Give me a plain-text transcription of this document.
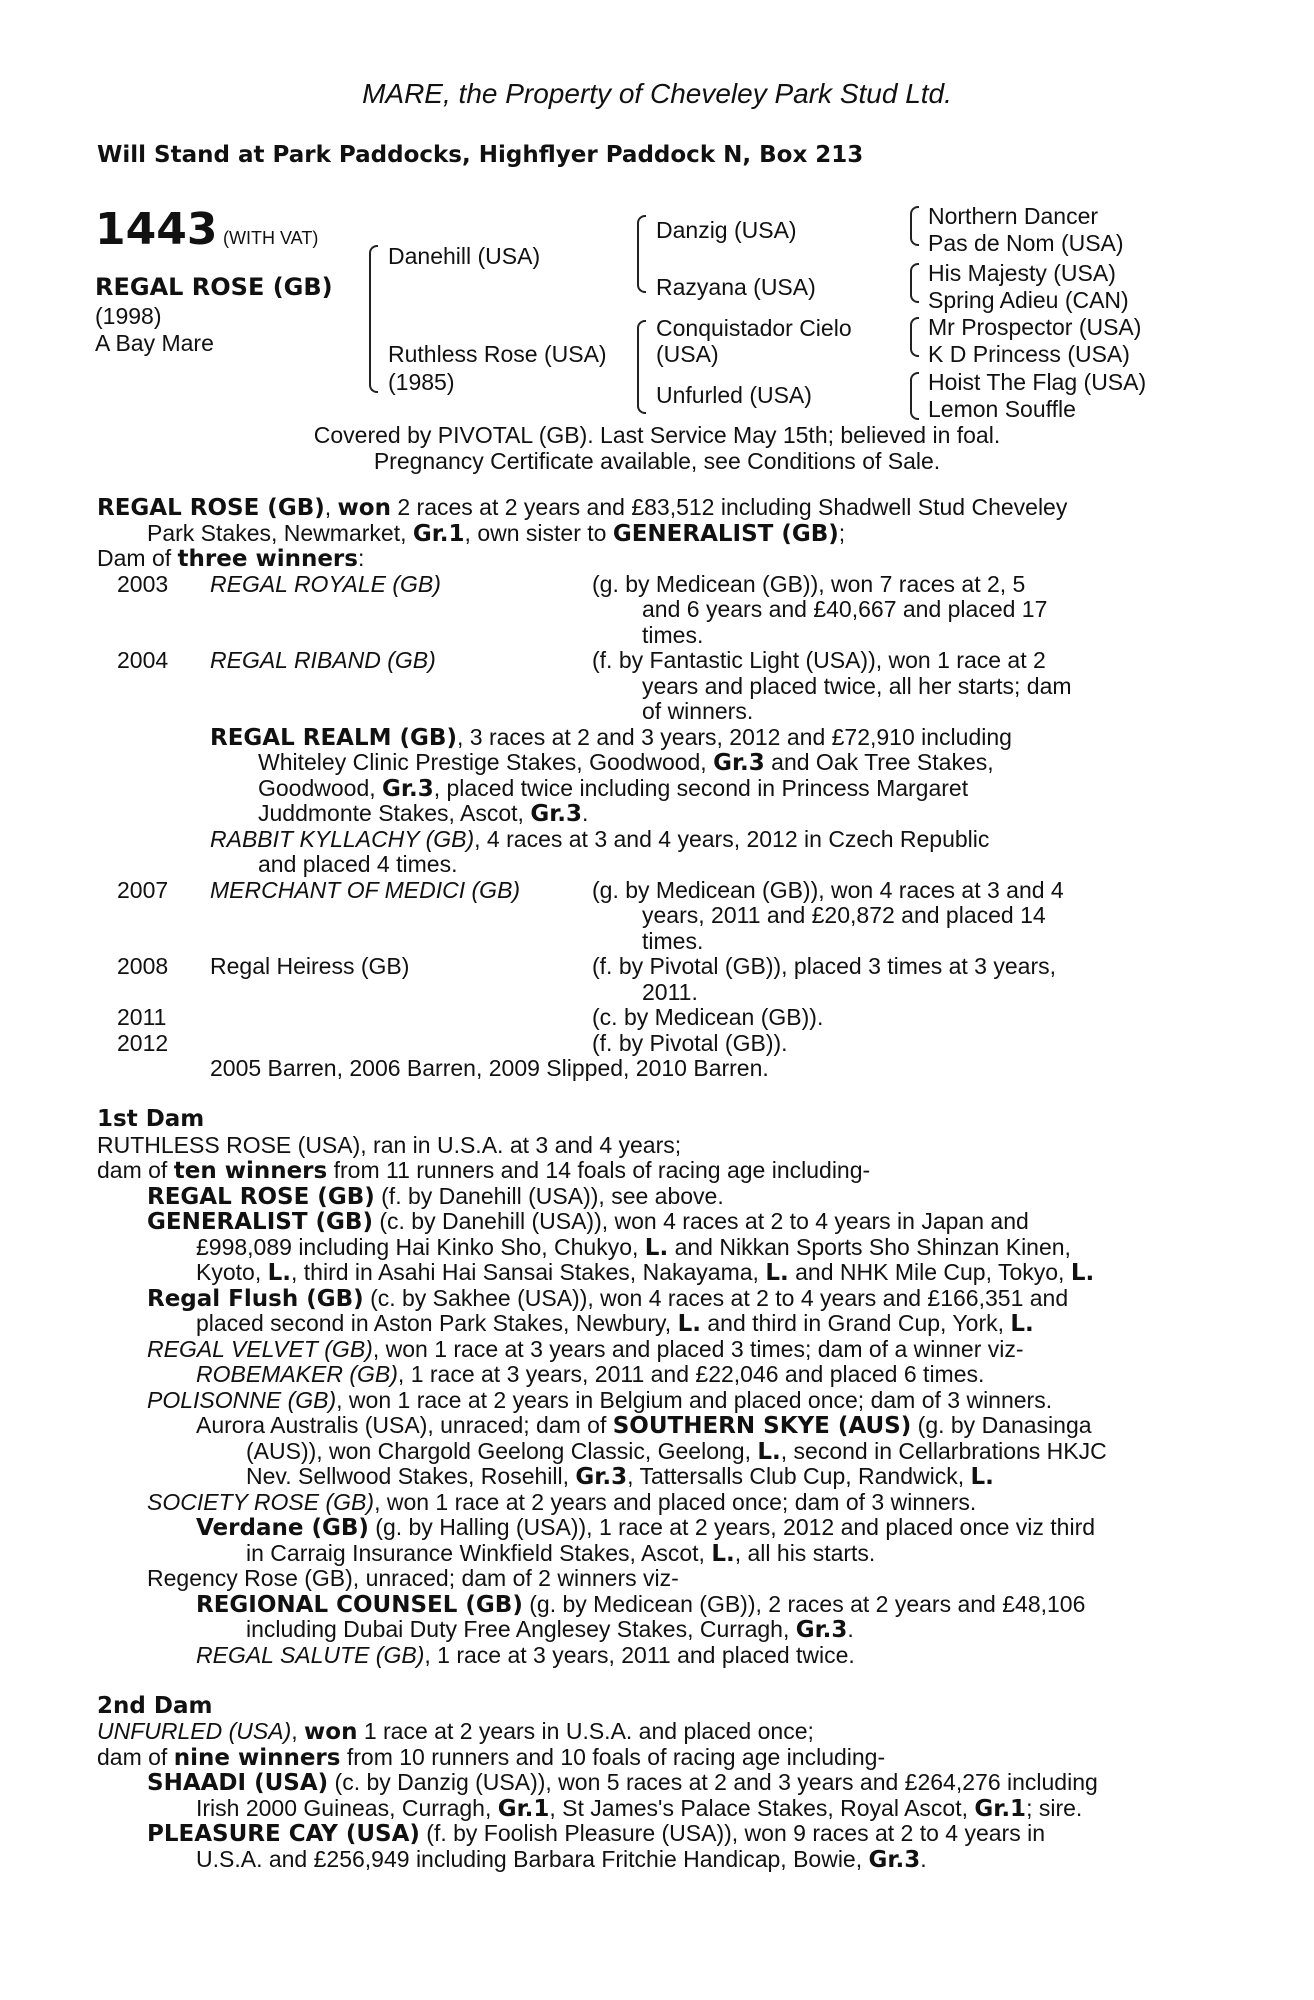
MARE, the Property of Cheveley Park Stud Ltd.
Will Stand at Park Paddocks, Highflyer Paddock N, Box 213
1443 (WITH VAT)
REGAL ROSE (GB)
(1998)
A Bay Mare
Danehill (USA)
Ruthless Rose (USA)
(1985)
Danzig (USA)
Razyana (USA)
Conquistador Cielo
(USA)
Unfurled (USA)
Northern Dancer
Pas de Nom (USA)
His Majesty (USA)
Spring Adieu (CAN)
Mr Prospector (USA)
K D Princess (USA)
Hoist The Flag (USA)
Lemon Souffle
Covered by PIVOTAL (GB). Last Service May 15th; believed in foal.
Pregnancy Certificate available, see Conditions of Sale.
REGAL ROSE (GB), won 2 races at 2 years and £83,512 including Shadwell Stud Cheveley
Park Stakes, Newmarket, Gr.1, own sister to GENERALIST (GB);
Dam of three winners:
2003 REGAL ROYALE (GB)	(g. by Medicean (GB)), won 7 races at 2, 5
and 6 years and £40,667 and placed 17
times.
2004 REGAL RIBAND (GB)	(f. by Fantastic Light (USA)), won 1 race at 2
years and placed twice, all her starts; dam
of winners.
REGAL REALM (GB), 3 races at 2 and 3 years, 2012 and £72,910 including
Whiteley Clinic Prestige Stakes, Goodwood, Gr.3 and Oak Tree Stakes,
Goodwood, Gr.3, placed twice including second in Princess Margaret
Juddmonte Stakes, Ascot, Gr.3.
RABBIT KYLLACHY (GB), 4 races at 3 and 4 years, 2012 in Czech Republic
and placed 4 times.
2007 MERCHANT OF MEDICI (GB)	(g. by Medicean (GB)), won 4 races at 3 and 4
years, 2011 and £20,872 and placed 14
times.
2008 Regal Heiress (GB)	(f. by Pivotal (GB)), placed 3 times at 3 years,
2011.
2011	(c. by Medicean (GB)).
2012	(f. by Pivotal (GB)).
2005 Barren, 2006 Barren, 2009 Slipped, 2010 Barren.
1st Dam
RUTHLESS ROSE (USA), ran in U.S.A. at 3 and 4 years;
dam of ten winners from 11 runners and 14 foals of racing age including-
REGAL ROSE (GB) (f. by Danehill (USA)), see above.
GENERALIST (GB) (c. by Danehill (USA)), won 4 races at 2 to 4 years in Japan and
£998,089 including Hai Kinko Sho, Chukyo, L. and Nikkan Sports Sho Shinzan Kinen,
Kyoto, L., third in Asahi Hai Sansai Stakes, Nakayama, L. and NHK Mile Cup, Tokyo, L.
Regal Flush (GB) (c. by Sakhee (USA)), won 4 races at 2 to 4 years and £166,351 and
placed second in Aston Park Stakes, Newbury, L. and third in Grand Cup, York, L.
REGAL VELVET (GB), won 1 race at 3 years and placed 3 times; dam of a winner viz-
ROBEMAKER (GB), 1 race at 3 years, 2011 and £22,046 and placed 6 times.
POLISONNE (GB), won 1 race at 2 years in Belgium and placed once; dam of 3 winners.
Aurora Australis (USA), unraced; dam of SOUTHERN SKYE (AUS) (g. by Danasinga
(AUS)), won Chargold Geelong Classic, Geelong, L., second in Cellarbrations HKJC
Nev. Sellwood Stakes, Rosehill, Gr.3, Tattersalls Club Cup, Randwick, L.
SOCIETY ROSE (GB), won 1 race at 2 years and placed once; dam of 3 winners.
Verdane (GB) (g. by Halling (USA)), 1 race at 2 years, 2012 and placed once viz third
in Carraig Insurance Winkfield Stakes, Ascot, L., all his starts.
Regency Rose (GB), unraced; dam of 2 winners viz-
REGIONAL COUNSEL (GB) (g. by Medicean (GB)), 2 races at 2 years and £48,106
including Dubai Duty Free Anglesey Stakes, Curragh, Gr.3.
REGAL SALUTE (GB), 1 race at 3 years, 2011 and placed twice.
2nd Dam
UNFURLED (USA), won 1 race at 2 years in U.S.A. and placed once;
dam of nine winners from 10 runners and 10 foals of racing age including-
SHAADI (USA) (c. by Danzig (USA)), won 5 races at 2 and 3 years and £264,276 including
Irish 2000 Guineas, Curragh, Gr.1, St James's Palace Stakes, Royal Ascot, Gr.1; sire.
PLEASURE CAY (USA) (f. by Foolish Pleasure (USA)), won 9 races at 2 to 4 years in
U.S.A. and £256,949 including Barbara Fritchie Handicap, Bowie, Gr.3.
